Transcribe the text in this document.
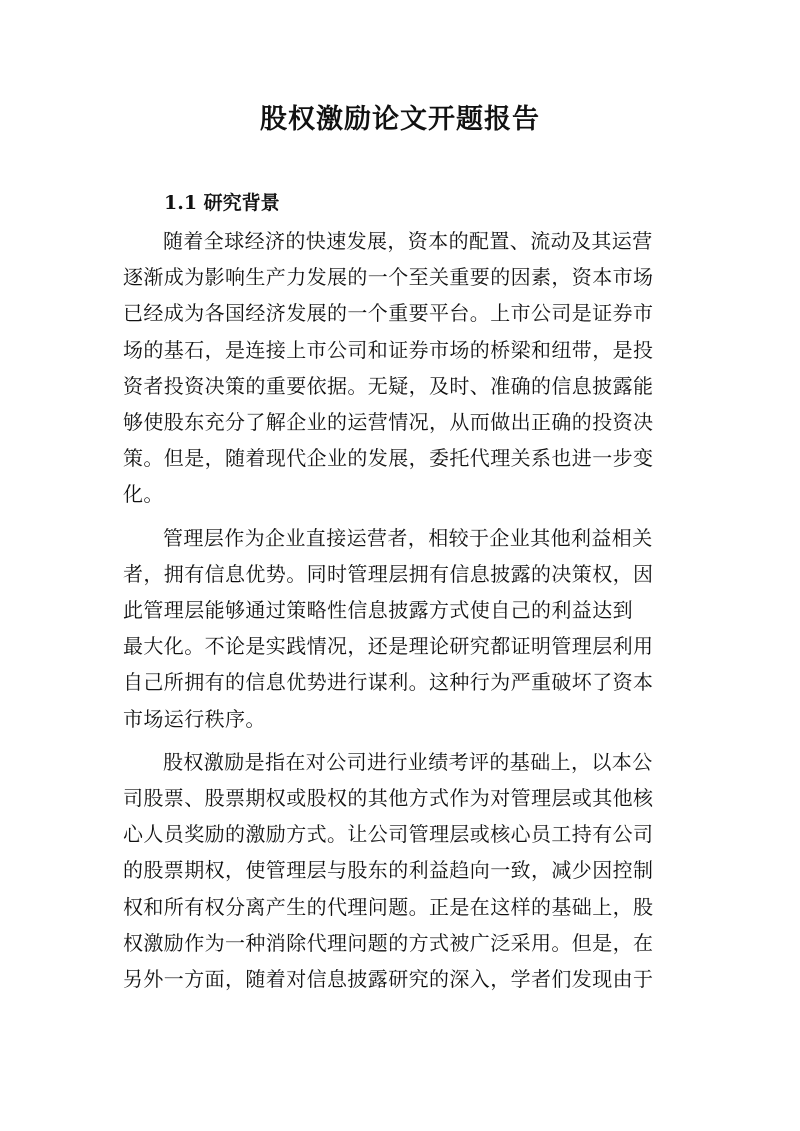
股权激励论文开题报告
1.1 研究背景

随着全球经济的快速发展，资本的配置、流动及其运营
逐渐成为影响生产力发展的一个至关重要的因素，资本市场
已经成为各国经济发展的一个重要平台。上市公司是证券市
场的基石，是连接上市公司和证券市场的桥梁和纽带，是投
资者投资决策的重要依据。无疑，及时、准确的信息披露能
够使股东充分了解企业的运营情况，从而做出正确的投资决
策。但是，随着现代企业的发展，委托代理关系也进一步变
化。

管理层作为企业直接运营者，相较于企业其他利益相关
者，拥有信息优势。同时管理层拥有信息披露的决策权，因
此管理层能够通过策略性信息披露方式使自己的利益达到
最大化。不论是实践情况，还是理论研究都证明管理层利用
自己所拥有的信息优势进行谋利。这种行为严重破坏了资本
市场运行秩序。

股权激励是指在对公司进行业绩考评的基础上，以本公
司股票、股票期权或股权的其他方式作为对管理层或其他核
心人员奖励的激励方式。让公司管理层或核心员工持有公司
的股票期权，使管理层与股东的利益趋向一致，减少因控制
权和所有权分离产生的代理问题。正是在这样的基础上，股
权激励作为一种消除代理问题的方式被广泛采用。但是，在
另外一方面，随着对信息披露研究的深入，学者们发现由于
